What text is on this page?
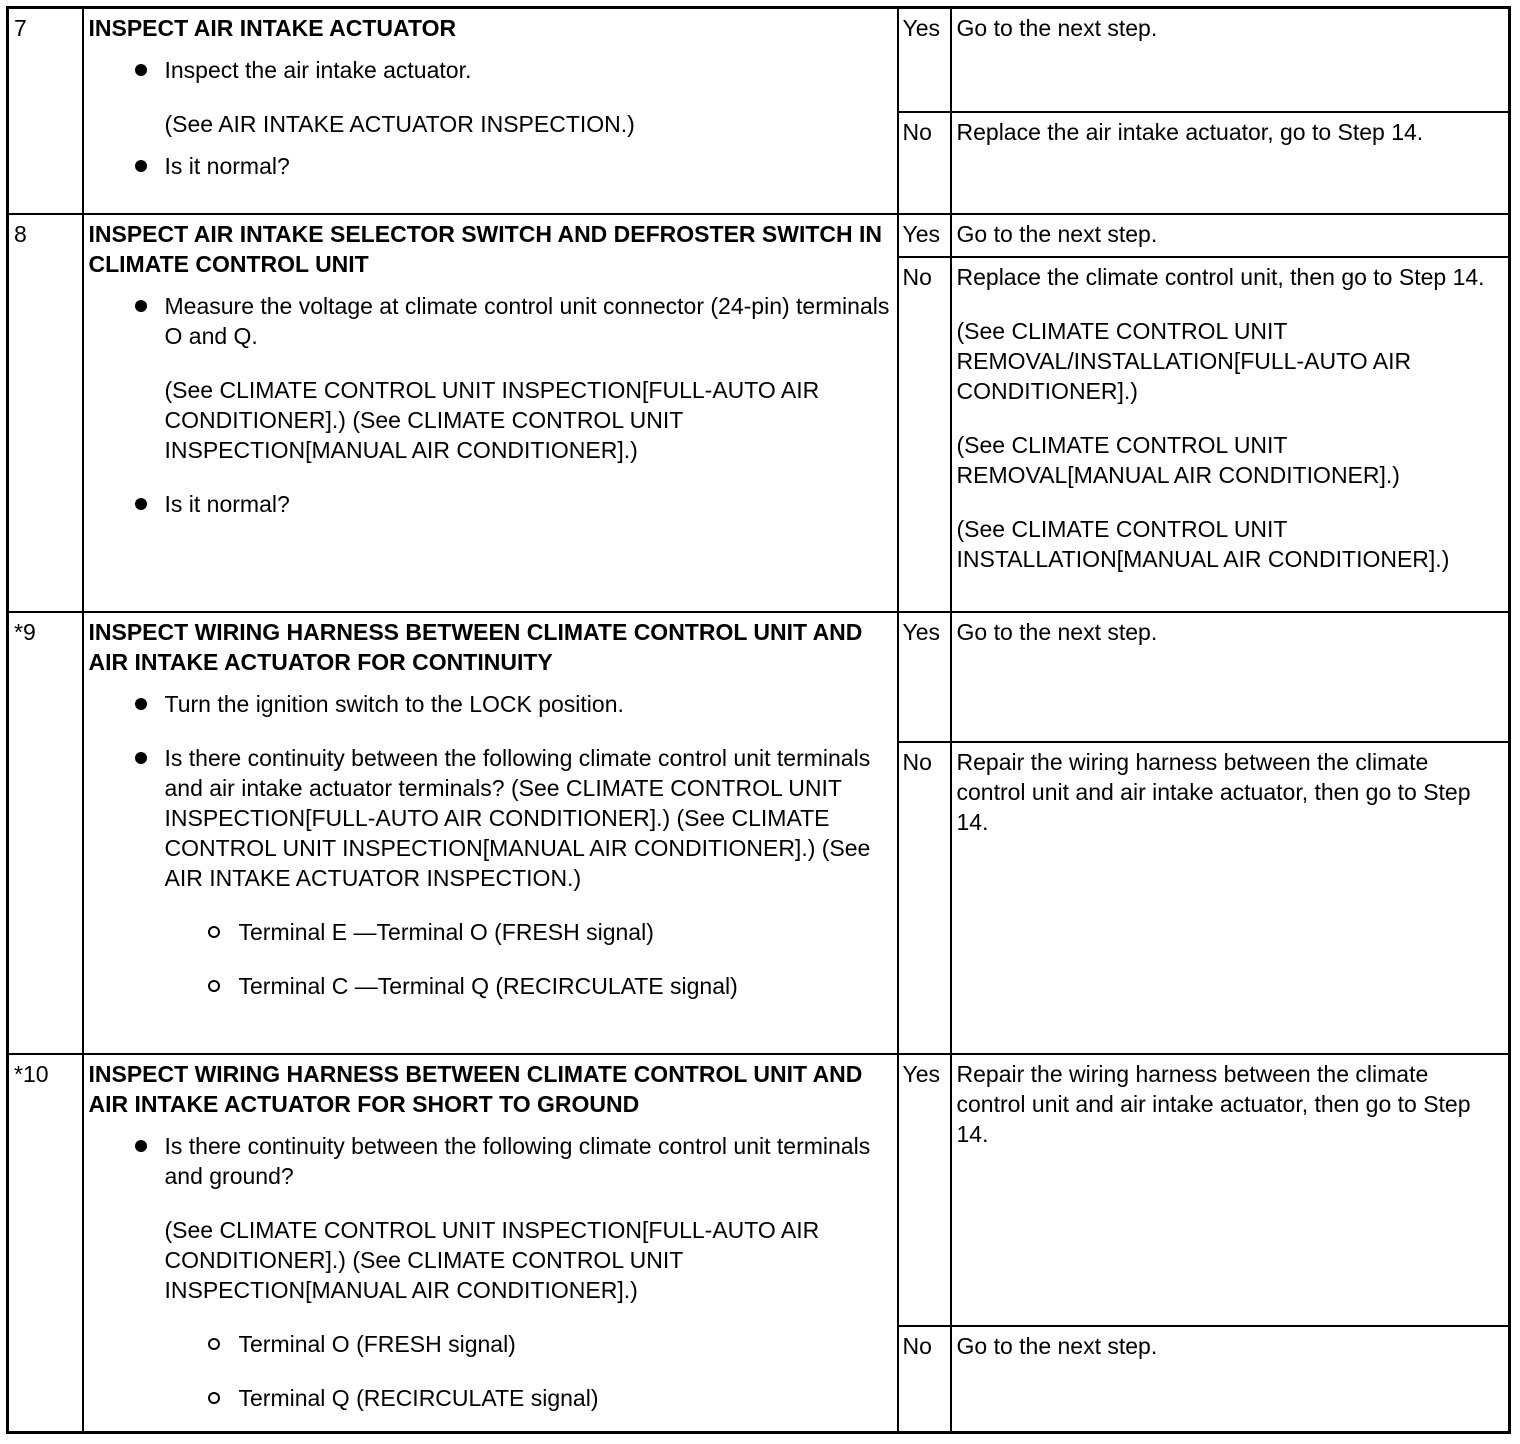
7	INSPECT AIR INTAKE ACTUATOR
Inspect the air intake actuator.
(See AIR INTAKE ACTUATOR INSPECTION.)
Is it normal?	Yes	Go to the next step.

		No	Replace the air intake actuator, go to Step 14.

8	INSPECT AIR INTAKE SELECTOR SWITCH AND DEFROSTER SWITCH IN CLIMATE CONTROL UNIT
Measure the voltage at climate control unit connector (24-pin) terminals O and Q.
(See CLIMATE CONTROL UNIT INSPECTION[FULL-AUTO AIR CONDITIONER].) (See CLIMATE CONTROL UNIT INSPECTION[MANUAL AIR CONDITIONER].)
Is it normal?	Yes	Go to the next step.

		No	Replace the climate control unit, then go to Step 14.

(See CLIMATE CONTROL UNIT REMOVAL/INSTALLATION[FULL-AUTO AIR CONDITIONER].)

(See CLIMATE CONTROL UNIT REMOVAL[MANUAL AIR CONDITIONER].)

(See CLIMATE CONTROL UNIT INSTALLATION[MANUAL AIR CONDITIONER].)

*9	INSPECT WIRING HARNESS BETWEEN CLIMATE CONTROL UNIT AND AIR INTAKE ACTUATOR FOR CONTINUITY
Turn the ignition switch to the LOCK position.
Is there continuity between the following climate control unit terminals and air intake actuator terminals? (See CLIMATE CONTROL UNIT INSPECTION[FULL-AUTO AIR CONDITIONER].) (See CLIMATE CONTROL UNIT INSPECTION[MANUAL AIR CONDITIONER].) (See AIR INTAKE ACTUATOR INSPECTION.)
Terminal E —Terminal O (FRESH signal)
Terminal C —Terminal Q (RECIRCULATE signal)	Yes	Go to the next step.

		No	Repair the wiring harness between the climate control unit and air intake actuator, then go to Step 14.

*10	INSPECT WIRING HARNESS BETWEEN CLIMATE CONTROL UNIT AND AIR INTAKE ACTUATOR FOR SHORT TO GROUND
Is there continuity between the following climate control unit terminals and ground?
(See CLIMATE CONTROL UNIT INSPECTION[FULL-AUTO AIR CONDITIONER].) (See CLIMATE CONTROL UNIT INSPECTION[MANUAL AIR CONDITIONER].)
Terminal O (FRESH signal)
Terminal Q (RECIRCULATE signal)	Yes	Repair the wiring harness between the climate control unit and air intake actuator, then go to Step 14.

		No	Go to the next step.
